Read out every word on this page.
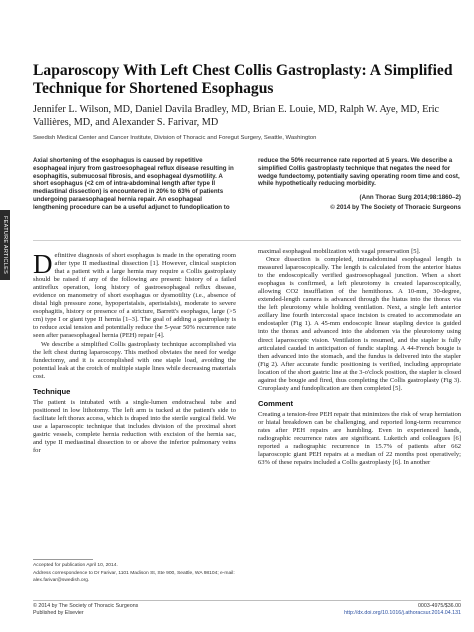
FEATURE ARTICLES
Laparoscopy With Left Chest Collis Gastroplasty: A Simplified Technique for Shortened Esophagus
Jennifer L. Wilson, MD, Daniel Davila Bradley, MD, Brian E. Louie, MD, Ralph W. Aye, MD, Eric Vallières, MD, and Alexander S. Farivar, MD
Swedish Medical Center and Cancer Institute, Division of Thoracic and Foregut Surgery, Seattle, Washington
Axial shortening of the esophagus is caused by repetitive esophageal injury from gastroesophageal reflux disease resulting in esophagitis, submucosal fibrosis, and esophageal dysmotility. A short esophagus (<2 cm of intra-abdominal length after type II mediastinal dissection) is encountered in 20% to 63% of patients undergoing paraesophageal hernia repair. An esophageal lengthening procedure can be a useful adjunct to fundoplication to
reduce the 50% recurrence rate reported at 5 years. We describe a simplified Collis gastroplasty technique that negates the need for wedge fundectomy, potentially saving operating room time and cost, while hypothetically reducing morbidity.
(Ann Thorac Surg 2014;98:1860–2)
© 2014 by The Society of Thoracic Surgeons

Definitive diagnosis of short esophagus is made in the operating room after type II mediastinal dissection [1]. However, clinical suspicion that a patient with a large hernia may require a Collis gastroplasty should be raised if any of the following are present: history of a failed antireflux operation, long history of gastroesophageal reflux disease, evidence on manometry of short esophagus or dysmotility (i.e., absence of distal high pressure zone, hypoperistalsis, aperistalsis), moderate to severe esophagitis, history or presence of a stricture, Barrett's esophagus, large (>5 cm) type I or giant type II hernia [1–3]. The goal of adding a gastroplasty is to reduce axial tension and potentially reduce the 5-year 50% recurrence rate seen after paraesophageal hernia (PEH) repair [4].

We describe a simplified Collis gastroplasty technique accomplished via the left chest during laparoscopy. This method obviates the need for wedge fundectomy, and it is accomplished with one staple load, avoiding the potential leak at the crotch of multiple staple lines while decreasing materials cost.

Technique

The patient is intubated with a single-lumen endotracheal tube and positioned in low lithotomy. The left arm is tucked at the patient's side to facilitate left thorax access, which is draped into the sterile surgical field. We use a laparoscopic technique that includes division of the proximal short gastric vessels, complete hernia reduction with excision of the hernia sac, and type II mediastinal dissection to or above the inferior pulmonary veins for

maximal esophageal mobilization with vagal preservation [5].

Once dissection is completed, intraabdominal esophageal length is measured laparoscopically. The length is calculated from the anterior hiatus to the endoscopically verified gastroesophageal junction. When a short esophagus is confirmed, a left pleurotomy is created laparoscopically, allowing CO2 insufflation of the hemithorax. A 10-mm, 30-degree, extended-length camera is advanced through the hiatus into the thorax via the left pleurotomy while holding ventilation. Next, a single left anterior axillary line fourth intercostal space incision is created to accommodate an endostapler (Fig 1). A 45-mm endoscopic linear stapling device is guided into the thorax and advanced into the abdomen via the pleurotomy using direct laparoscopic vision. Ventilation is resumed, and the stapler is fully articulated caudad in anticipation of fundic stapling. A 44-French bougie is then advanced into the stomach, and the fundus is delivered into the stapler (Fig 2). After accurate fundic positioning is verified, including appropriate location of the short gastric line at the 3-o'clock position, the stapler is closed against the bougie and fired, thus completing the Collis gastroplasty (Fig 3). Cruroplasty and fundoplication are then completed [5].

Comment

Creating a tension-free PEH repair that minimizes the risk of wrap herniation or hiatal breakdown can be challenging, and reported long-term recurrence rates after PEH repairs are humbling. Even in experienced hands, radiographic recurrence rates are significant. Luketich and colleagues [6] reported a radiographic recurrence in 15.7% of patients after 662 laparoscopic giant PEH repairs at a median of 22 months post operatively; 63% of these repairs included a Collis gastroplasty [6]. In another

Accepted for publication April 10, 2014.
Address correspondence to Dr Farivar, 1101 Madison St, Ste 900, Seattle, WA 98104; e-mail: alex.farivar@swedish.org.
© 2014 by The Society of Thoracic Surgeons
Published by Elsevier
0003-4975/$36.00
http://dx.doi.org/10.1016/j.athoracsur.2014.04.131
